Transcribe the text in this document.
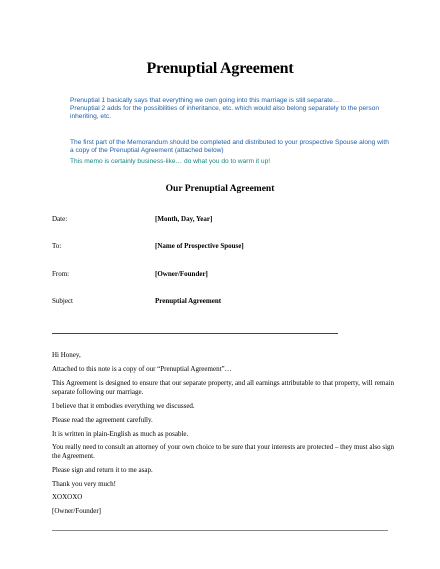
Prenuptial Agreement
Prenuptial 1 basically says that everything we own going into this marriage is still separate…
Prenuptial 2 adds for the possibilities of inheritance, etc. which would also belong separately to the person inheriting, etc.
The first part of the Memorandum should be completed and distributed to your prospective Spouse along with a copy of the Prenuptial Agreement (attached below)
This memo is certainly business-like… do what you do to warm it up!
Our Prenuptial Agreement
Date:	[Month, Day, Year]
To:	[Name of Prospective Spouse]
From:	[Owner/Founder]
Subject	Prenuptial Agreement
Hi Honey,
Attached to this note is a copy of our “Prenuptial Agreement”…
This Agreement is designed to ensure that our separate property, and all earnings attributable to that property, will remain separate following our marriage.
I believe that it embodies everything we discussed.
Please read the agreement carefully.
It is written in plain-English as much as posable.
You really need to consult an attorney of your own choice to be sure that your interests are protected – they must also sign the Agreement.
Please sign and return it to me asap.
Thank you very much!
XOXOXO
[Owner/Founder]
